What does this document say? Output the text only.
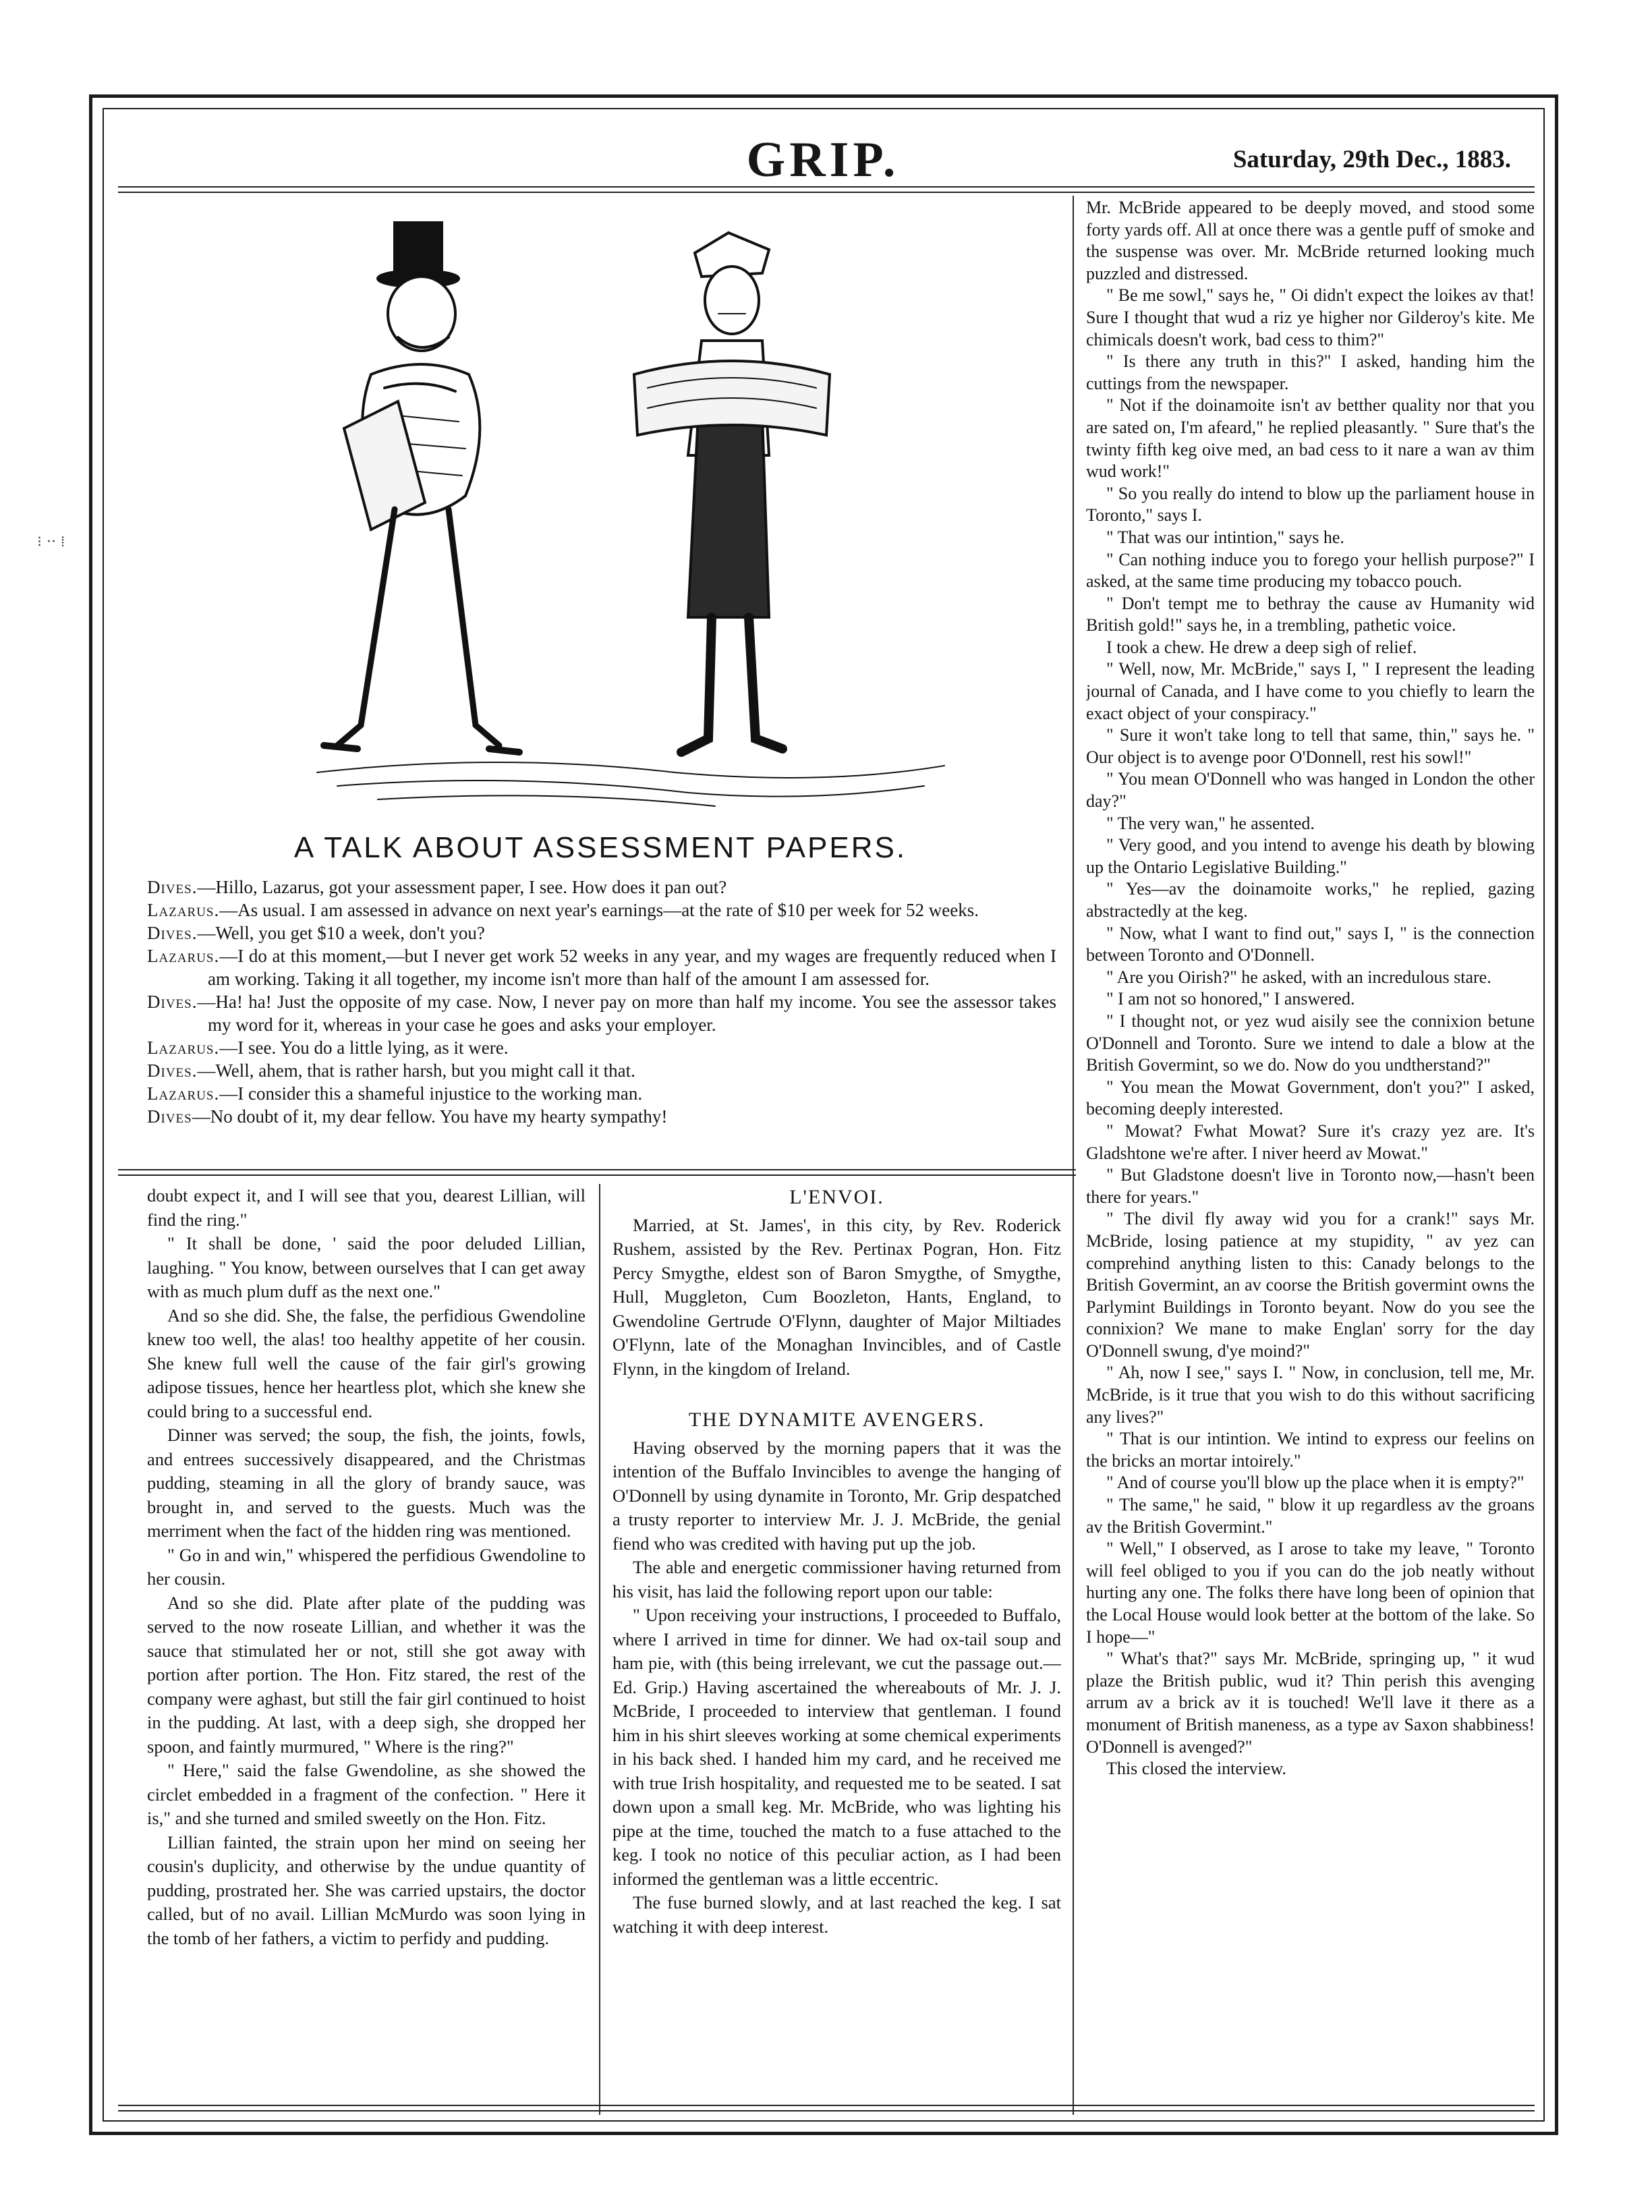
GRIP.	Saturday, 29th Dec., 1883.
⁝ ·· ⁞
A TALK ABOUT ASSESSMENT PAPERS.
Dives.—Hillo, Lazarus, got your assessment paper, I see. How does it pan out?
Lazarus.—As usual. I am assessed in advance on next year's earnings—at the rate of $10 per week for 52 weeks.
Dives.—Well, you get $10 a week, don't you?
Lazarus.—I do at this moment,—but I never get work 52 weeks in any year, and my wages are frequently reduced when I am working. Taking it all together, my income isn't more than half of the amount I am assessed for.
Dives.—Ha! ha! Just the opposite of my case. Now, I never pay on more than half my income. You see the assessor takes my word for it, whereas in your case he goes and asks your employer.
Lazarus.—I see. You do a little lying, as it were.
Dives.—Well, ahem, that is rather harsh, but you might call it that.
Lazarus.—I consider this a shameful injustice to the working man.
Dives—No doubt of it, my dear fellow. You have my hearty sympathy!

doubt expect it, and I will see that you, dearest Lillian, will find the ring."

" It shall be done, ' said the poor deluded Lillian, laughing. " You know, between ourselves that I can get away with as much plum duff as the next one."

And so she did. She, the false, the perfidious Gwendoline knew too well, the alas! too healthy appetite of her cousin. She knew full well the cause of the fair girl's growing adipose tissues, hence her heartless plot, which she knew she could bring to a successful end.

Dinner was served; the soup, the fish, the joints, fowls, and entrees successively disappeared, and the Christmas pudding, steaming in all the glory of brandy sauce, was brought in, and served to the guests. Much was the merriment when the fact of the hidden ring was mentioned.

" Go in and win," whispered the perfidious Gwendoline to her cousin.

And so she did. Plate after plate of the pudding was served to the now roseate Lillian, and whether it was the sauce that stimulated her or not, still she got away with portion after portion. The Hon. Fitz stared, the rest of the company were aghast, but still the fair girl continued to hoist in the pudding. At last, with a deep sigh, she dropped her spoon, and faintly murmured, " Where is the ring?"

" Here," said the false Gwendoline, as she showed the circlet embedded in a fragment of the confection. " Here it is," and she turned and smiled sweetly on the Hon. Fitz.

Lillian fainted, the strain upon her mind on seeing her cousin's duplicity, and otherwise by the undue quantity of pudding, prostrated her. She was carried upstairs, the doctor called, but of no avail. Lillian McMurdo was soon lying in the tomb of her fathers, a victim to perfidy and pudding.

L'ENVOI.

Married, at St. James', in this city, by Rev. Roderick Rushem, assisted by the Rev. Pertinax Pogran, Hon. Fitz Percy Smygthe, eldest son of Baron Smygthe, of Smygthe, Hull, Muggleton, Cum Boozleton, Hants, England, to Gwendoline Gertrude O'Flynn, daughter of Major Miltiades O'Flynn, late of the Monaghan Invincibles, and of Castle Flynn, in the kingdom of Ireland.

THE DYNAMITE AVENGERS.

Having observed by the morning papers that it was the intention of the Buffalo Invincibles to avenge the hanging of O'Donnell by using dynamite in Toronto, Mr. Grip despatched a trusty reporter to interview Mr. J. J. McBride, the genial fiend who was credited with having put up the job.

The able and energetic commissioner having returned from his visit, has laid the following report upon our table:

" Upon receiving your instructions, I proceeded to Buffalo, where I arrived in time for dinner. We had ox-tail soup and ham pie, with (this being irrelevant, we cut the passage out.—Ed. Grip.) Having ascertained the whereabouts of Mr. J. J. McBride, I proceeded to interview that gentleman. I found him in his shirt sleeves working at some chemical experiments in his back shed. I handed him my card, and he received me with true Irish hospitality, and requested me to be seated. I sat down upon a small keg. Mr. McBride, who was lighting his pipe at the time, touched the match to a fuse attached to the keg. I took no notice of this peculiar action, as I had been informed the gentleman was a little eccentric.

The fuse burned slowly, and at last reached the keg. I sat watching it with deep interest.

Mr. McBride appeared to be deeply moved, and stood some forty yards off. All at once there was a gentle puff of smoke and the suspense was over. Mr. McBride returned looking much puzzled and distressed.

" Be me sowl," says he, " Oi didn't expect the loikes av that! Sure I thought that wud a riz ye higher nor Gilderoy's kite. Me chimicals doesn't work, bad cess to thim?"

" Is there any truth in this?" I asked, handing him the cuttings from the newspaper.

" Not if the doinamoite isn't av betther quality nor that you are sated on, I'm afeard," he replied pleasantly. " Sure that's the twinty fifth keg oive med, an bad cess to it nare a wan av thim wud work!"

" So you really do intend to blow up the parliament house in Toronto," says I.

" That was our intintion," says he.

" Can nothing induce you to forego your hellish purpose?" I asked, at the same time producing my tobacco pouch.

" Don't tempt me to bethray the cause av Humanity wid British gold!" says he, in a trembling, pathetic voice.

I took a chew. He drew a deep sigh of relief.

" Well, now, Mr. McBride," says I, " I represent the leading journal of Canada, and I have come to you chiefly to learn the exact object of your conspiracy."

" Sure it won't take long to tell that same, thin," says he. " Our object is to avenge poor O'Donnell, rest his sowl!"

" You mean O'Donnell who was hanged in London the other day?"

" The very wan," he assented.

" Very good, and you intend to avenge his death by blowing up the Ontario Legislative Building."

" Yes—av the doinamoite works," he replied, gazing abstractedly at the keg.

" Now, what I want to find out," says I, " is the connection between Toronto and O'Donnell.

" Are you Oirish?" he asked, with an incredulous stare.

" I am not so honored," I answered.

" I thought not, or yez wud aisily see the connixion betune O'Donnell and Toronto. Sure we intend to dale a blow at the British Govermint, so we do. Now do you undtherstand?"

" You mean the Mowat Government, don't you?" I asked, becoming deeply interested.

" Mowat? Fwhat Mowat? Sure it's crazy yez are. It's Gladshtone we're after. I niver heerd av Mowat."

" But Gladstone doesn't live in Toronto now,—hasn't been there for years."

" The divil fly away wid you for a crank!" says Mr. McBride, losing patience at my stupidity, " av yez can comprehind anything listen to this: Canady belongs to the British Govermint, an av coorse the British govermint owns the Parlymint Buildings in Toronto beyant. Now do you see the connixion? We mane to make Englan' sorry for the day O'Donnell swung, d'ye moind?"

" Ah, now I see," says I. " Now, in conclusion, tell me, Mr. McBride, is it true that you wish to do this without sacrificing any lives?"

" That is our intintion. We intind to express our feelins on the bricks an mortar intoirely."

" And of course you'll blow up the place when it is empty?"

" The same," he said, " blow it up regardless av the groans av the British Govermint."

" Well," I observed, as I arose to take my leave, " Toronto will feel obliged to you if you can do the job neatly without hurting any one. The folks there have long been of opinion that the Local House would look better at the bottom of the lake. So I hope—"

" What's that?" says Mr. McBride, springing up, " it wud plaze the British public, wud it? Thin perish this avenging arrum av a brick av it is touched! We'll lave it there as a monument of British maneness, as a type av Saxon shabbiness! O'Donnell is avenged?"

This closed the interview.
